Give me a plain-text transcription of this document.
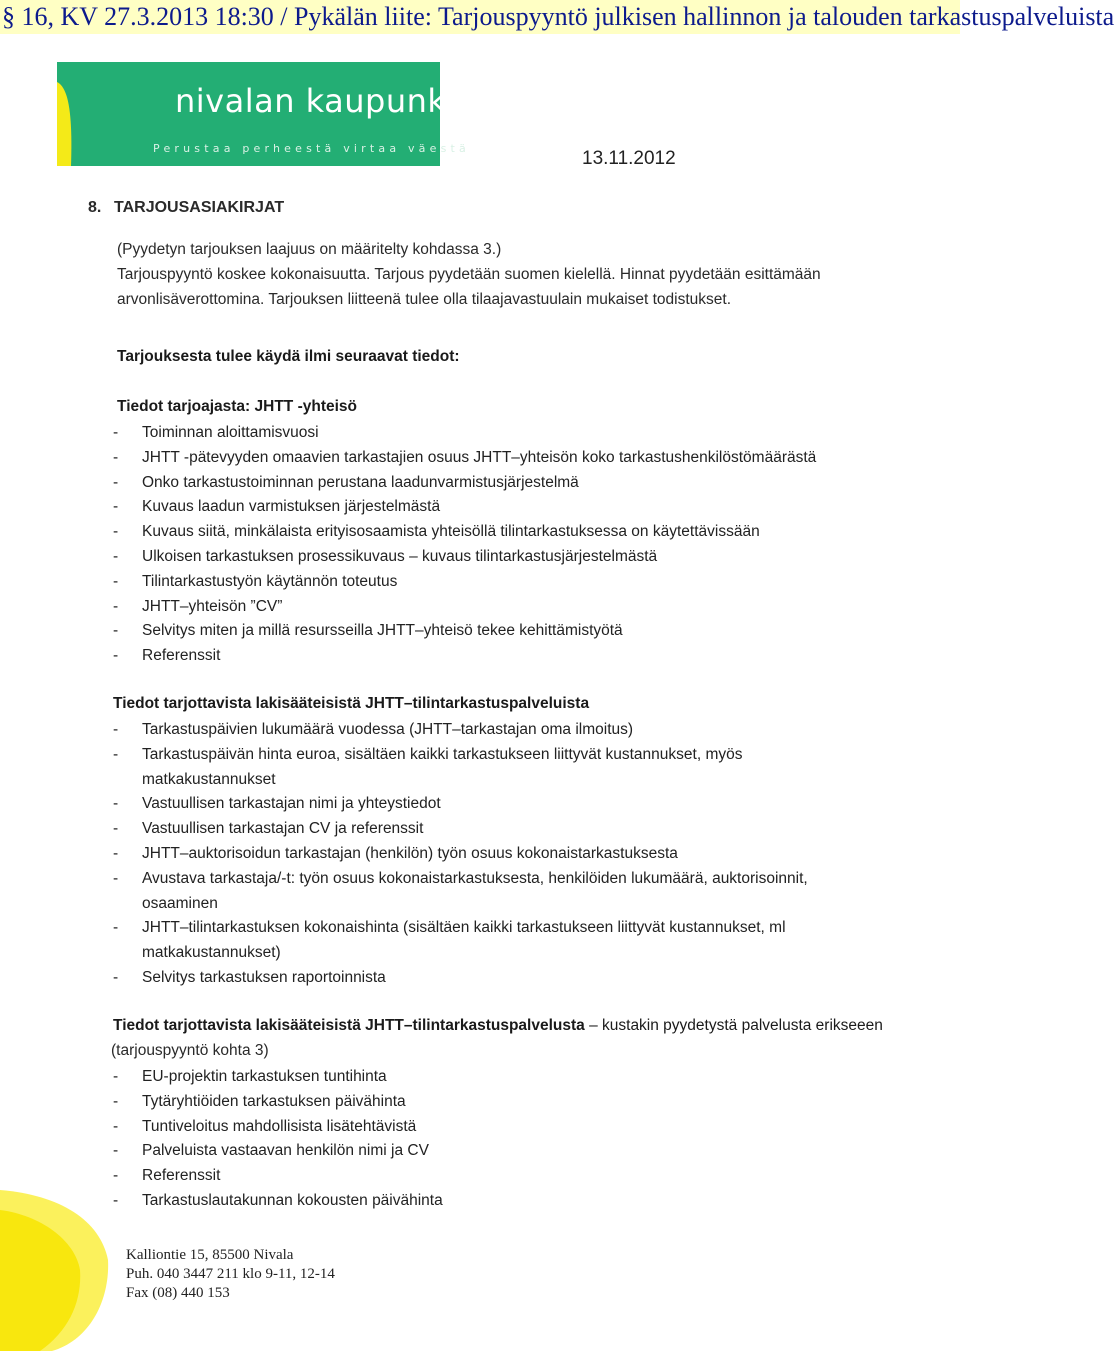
§ 16, KV 27.3.2013 18:30 / Pykälän liite: Tarjouspyyntö julkisen hallinnon ja talouden tarkastuspalveluista
nivalan kaupunki
Perustaa perheestä virtaa väestä	13.11.2012
8. TARJOUSASIAKIRJAT
(Pyydetyn tarjouksen laajuus on määritelty kohdassa 3.)
Tarjouspyyntö koskee kokonaisuutta. Tarjous pyydetään suomen kielellä. Hinnat pyydetään esittämään
arvonlisäverottomina. Tarjouksen liitteenä tulee olla tilaajavastuulain mukaiset todistukset.
Tarjouksesta tulee käydä ilmi seuraavat tiedot:
Tiedot tarjoajasta: JHTT -yhteisö
- Toiminnan aloittamisvuosi
- JHTT -pätevyyden omaavien tarkastajien osuus JHTT–yhteisön koko tarkastushenkilöstömäärästä
- Onko tarkastustoiminnan perustana laadunvarmistusjärjestelmä
- Kuvaus laadun varmistuksen järjestelmästä
- Kuvaus siitä, minkälaista erityisosaamista yhteisöllä tilintarkastuksessa on käytettävissään
- Ulkoisen tarkastuksen prosessikuvaus – kuvaus tilintarkastusjärjestelmästä
- Tilintarkastustyön käytännön toteutus
- JHTT–yhteisön ”CV”
- Selvitys miten ja millä resursseilla JHTT–yhteisö tekee kehittämistyötä
- Referenssit
Tiedot tarjottavista lakisääteisistä JHTT–tilintarkastuspalveluista
- Tarkastuspäivien lukumäärä vuodessa (JHTT–tarkastajan oma ilmoitus)
- Tarkastuspäivän hinta euroa, sisältäen kaikki tarkastukseen liittyvät kustannukset, myös
matkakustannukset
- Vastuullisen tarkastajan nimi ja yhteystiedot
- Vastuullisen tarkastajan CV ja referenssit
- JHTT–auktorisoidun tarkastajan (henkilön) työn osuus kokonaistarkastuksesta
- Avustava tarkastaja/-t: työn osuus kokonaistarkastuksesta, henkilöiden lukumäärä, auktorisoinnit,
osaaminen
- JHTT–tilintarkastuksen kokonaishinta (sisältäen kaikki tarkastukseen liittyvät kustannukset, ml
matkakustannukset)
- Selvitys tarkastuksen raportoinnista
Tiedot tarjottavista lakisääteisistä JHTT–tilintarkastuspalvelusta – kustakin pyydetystä palvelusta erikseeen
(tarjouspyyntö kohta 3)
- EU-projektin tarkastuksen tuntihinta
- Tytäryhtiöiden tarkastuksen päivähinta
- Tuntiveloitus mahdollisista lisätehtävistä
- Palveluista vastaavan henkilön nimi ja CV
- Referenssit
- Tarkastuslautakunnan kokousten päivähinta
Kalliontie 15, 85500 Nivala
Puh. 040 3447 211 klo 9-11, 12-14
Fax (08) 440 153
